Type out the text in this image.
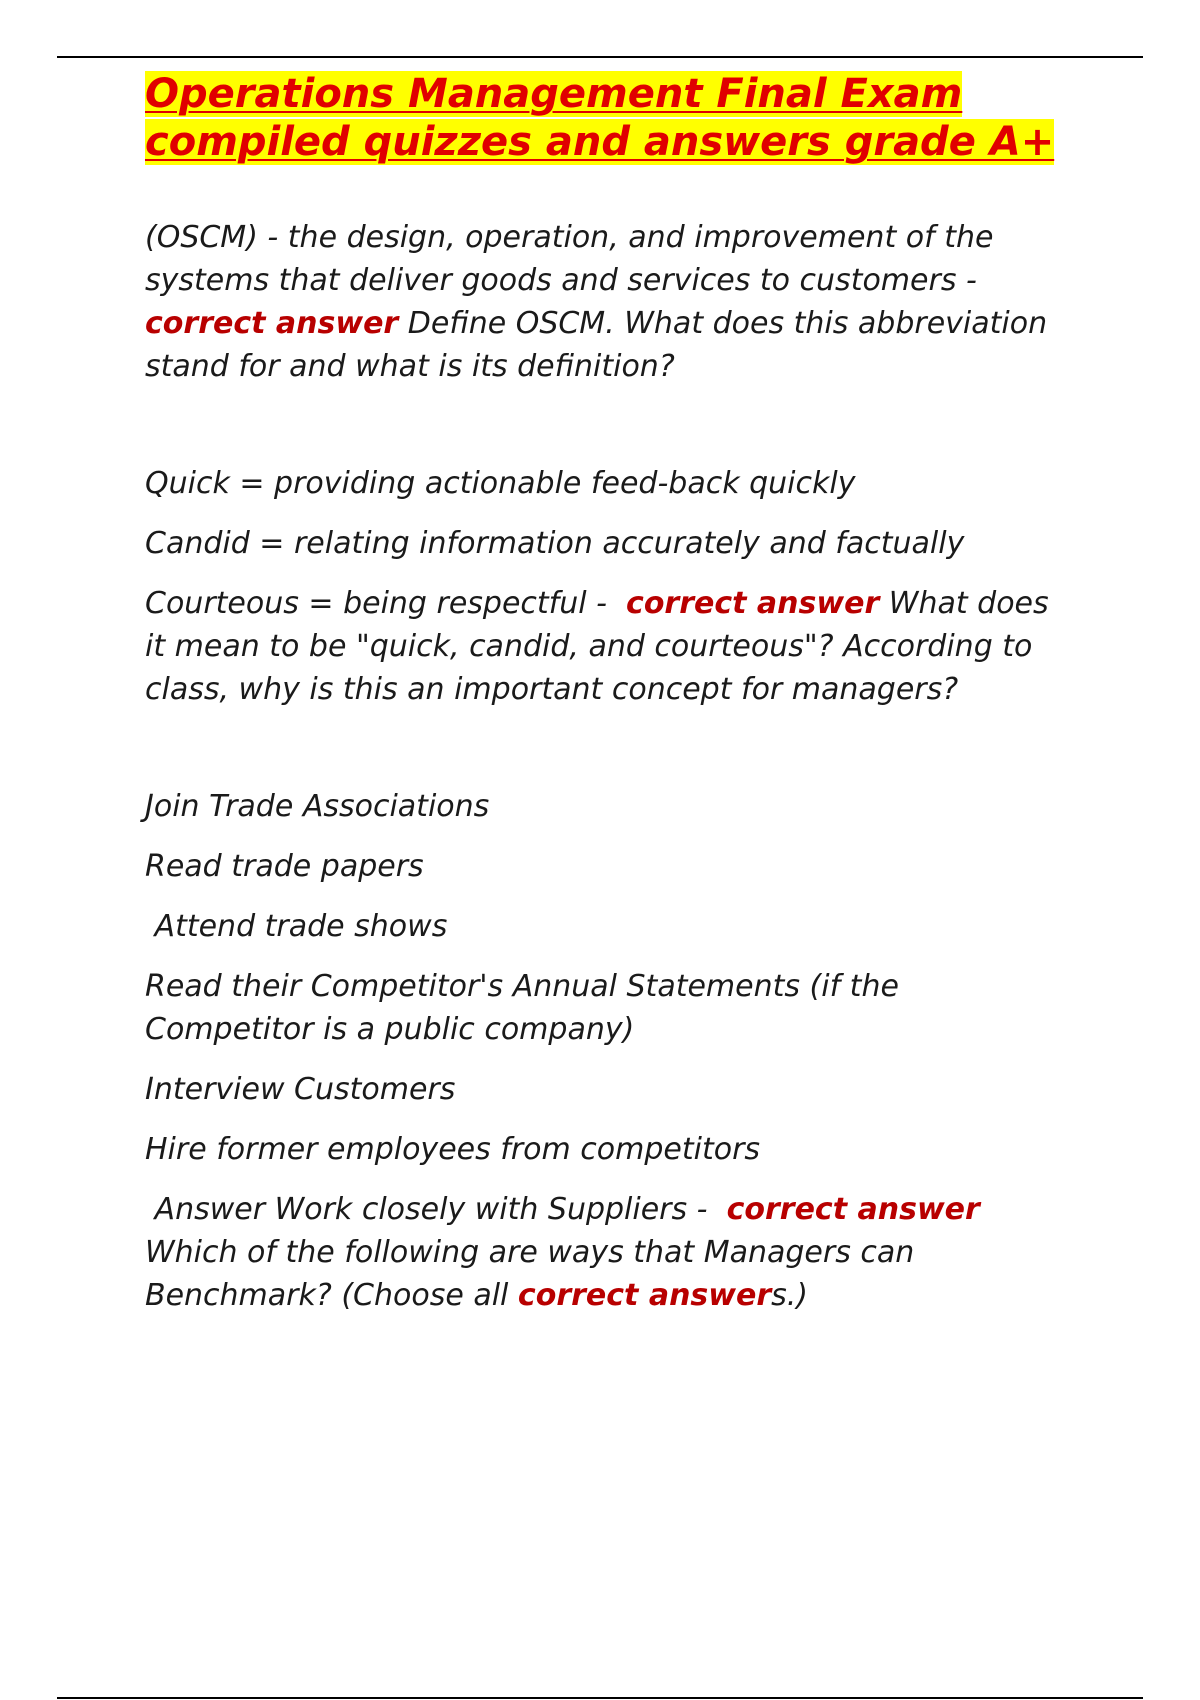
Operations Management Final Exam
compiled quizzes and answers grade A+

(OSCM) - the design, operation, and improvement of the systems that deliver goods and services to customers - correct answer Define OSCM. What does this abbreviation stand for and what is its definition?

Quick = providing actionable feed-back quickly

Candid = relating information accurately and factually

Courteous = being respectful -  correct answer What does it mean to be "quick, candid, and courteous"? According to class, why is this an important concept for managers?

Join Trade Associations

Read trade papers

Attend trade shows

Read their Competitor's Annual Statements (if the Competitor is a public company)

Interview Customers

Hire former employees from competitors

Answer Work closely with Suppliers -  correct answer Which of the following are ways that Managers can Benchmark? (Choose all correct answers.)
